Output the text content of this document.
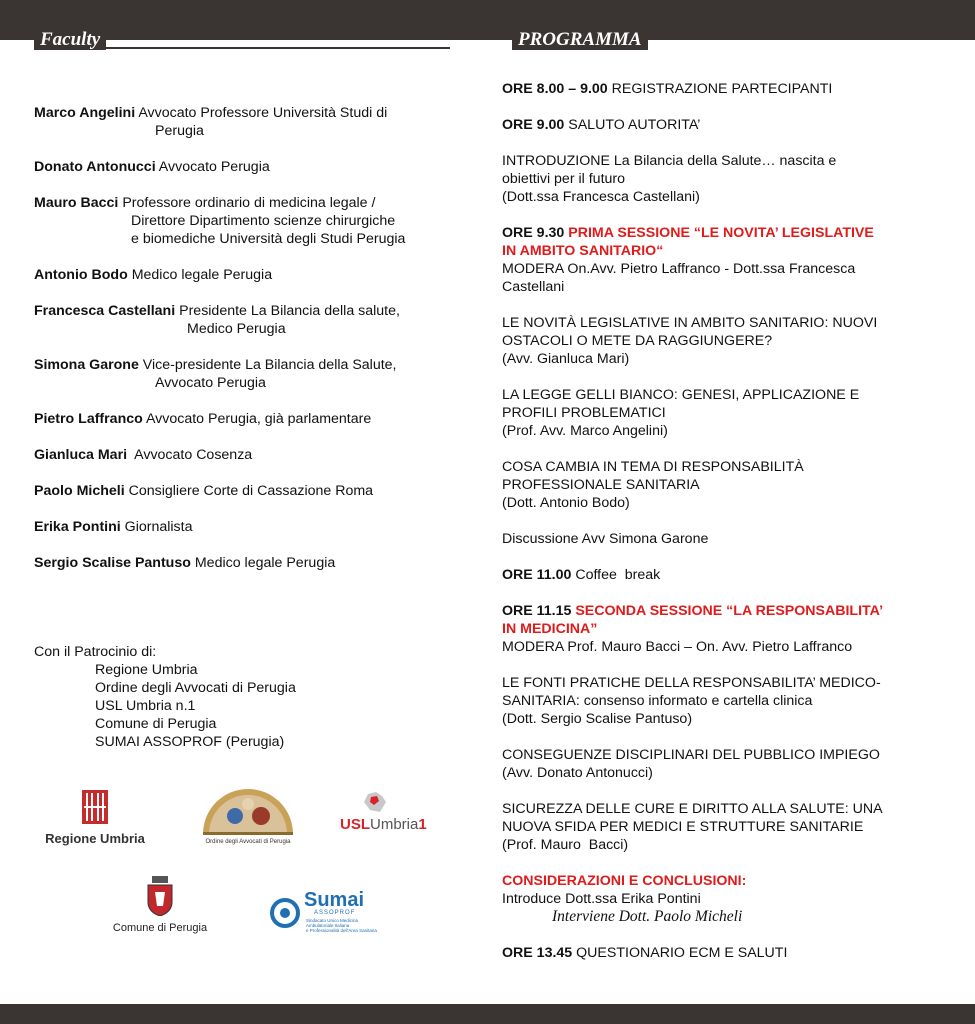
Faculty	PROGRAMMA
Marco Angelini Avvocato Professore Università Studi di
Perugia
Donato Antonucci Avvocato Perugia
Mauro Bacci Professore ordinario di medicina legale /
Direttore Dipartimento scienze chirurgiche
e biomediche Università degli Studi Perugia
Antonio Bodo Medico legale Perugia
Francesca Castellani Presidente La Bilancia della salute,
Medico Perugia
Simona Garone Vice-presidente La Bilancia della Salute,
Avvocato Perugia
Pietro Laffranco Avvocato Perugia, già parlamentare
Gianluca Mari  Avvocato Cosenza
Paolo Micheli Consigliere Corte di Cassazione Roma
Erika Pontini Giornalista
Sergio Scalise Pantuso Medico legale Perugia
Con il Patrocinio di:
Regione Umbria
Ordine degli Avvocati di Perugia
USL Umbria n.1
Comune di Perugia
SUMAI ASSOPROF (Perugia)
Regione Umbria	Ordine degli Avvocati di Perugia
USLUmbria1
Comune di Perugia
Sumai
ASSOPROF
Sindacato Unico Medicina
Ambulatoriale Italiana
e Professionalità dell'Area Sanitaria
ORE 8.00 – 9.00 REGISTRAZIONE PARTECIPANTI
ORE 9.00 SALUTO AUTORITA’
INTRODUZIONE La Bilancia della Salute… nascita e
obiettivi per il futuro
(Dott.ssa Francesca Castellani)
ORE 9.30 PRIMA SESSIONE “LE NOVITA’ LEGISLATIVE
IN AMBITO SANITARIO“
MODERA On.Avv. Pietro Laffranco - Dott.ssa Francesca
Castellani
LE NOVITÀ LEGISLATIVE IN AMBITO SANITARIO: NUOVI
OSTACOLI O METE DA RAGGIUNGERE?
(Avv. Gianluca Mari)
LA LEGGE GELLI BIANCO: GENESI, APPLICAZIONE E
PROFILI PROBLEMATICI
(Prof. Avv. Marco Angelini)
COSA CAMBIA IN TEMA DI RESPONSABILITÀ
PROFESSIONALE SANITARIA
(Dott. Antonio Bodo)
Discussione Avv Simona Garone
ORE 11.00 Coffee  break
ORE 11.15 SECONDA SESSIONE “LA RESPONSABILITA’
IN MEDICINA”
MODERA Prof. Mauro Bacci – On. Avv. Pietro Laffranco
LE FONTI PRATICHE DELLA RESPONSABILITA’ MEDICO-
SANITARIA: consenso informato e cartella clinica
(Dott. Sergio Scalise Pantuso)
CONSEGUENZE DISCIPLINARI DEL PUBBLICO IMPIEGO
(Avv. Donato Antonucci)
SICUREZZA DELLE CURE E DIRITTO ALLA SALUTE: UNA
NUOVA SFIDA PER MEDICI E STRUTTURE SANITARIE
(Prof. Mauro  Bacci)
CONSIDERAZIONI E CONCLUSIONI:
Introduce Dott.ssa Erika Pontini
Interviene Dott. Paolo Micheli
ORE 13.45 QUESTIONARIO ECM E SALUTI
